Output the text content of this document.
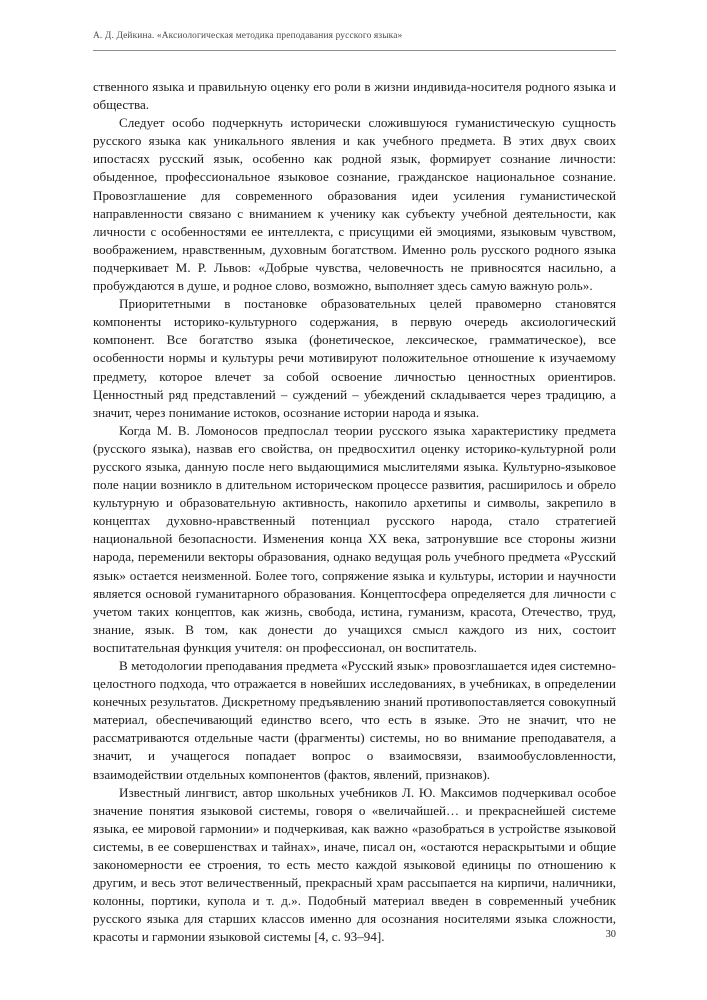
А. Д. Дейкина. «Аксиологическая методика преподавания русского языка»

ственного языка и правильную оценку его роли в жизни индивида-носителя родного языка и общества.

Следует особо подчеркнуть исторически сложившуюся гуманистическую сущность русского языка как уникального явления и как учебного предмета. В этих двух своих ипостасях русский язык, особенно как родной язык, формирует сознание личности: обыденное, профессиональное языковое сознание, гражданское национальное сознание. Провозглашение для современного образования идеи усиления гуманистической направленности связано с вниманием к ученику как субъекту учебной деятельности, как личности с особенностями ее интеллекта, с присущими ей эмоциями, языковым чувством, воображением, нравственным, духовным богатством. Именно роль русского родного языка подчеркивает М. Р. Львов: «Добрые чувства, человечность не привносятся насильно, а пробуждаются в душе, и родное слово, возможно, выполняет здесь самую важную роль».

Приоритетными в постановке образовательных целей правомерно становятся компоненты историко-культурного содержания, в первую очередь аксиологический компонент. Все богатство языка (фонетическое, лексическое, грамматическое), все особенности нормы и культуры речи мотивируют положительное отношение к изучаемому предмету, которое влечет за собой освоение личностью ценностных ориентиров. Ценностный ряд представлений – суждений – убеждений складывается через традицию, а значит, через понимание истоков, осознание истории народа и языка.

Когда М. В. Ломоносов предпослал теории русского языка характеристику предмета (русского языка), назвав его свойства, он предвосхитил оценку историко-культурной роли русского языка, данную после него выдающимися мыслителями языка. Культурно-языковое поле нации возникло в длительном историческом процессе развития, расширилось и обрело культурную и образовательную активность, накопило архетипы и символы, закрепило в концептах духовно-нравственный потенциал русского народа, стало стратегией национальной безопасности. Изменения конца XX века, затронувшие все стороны жизни народа, переменили векторы образования, однако ведущая роль учебного предмета «Русский язык» остается неизменной. Более того, сопряжение языка и культуры, истории и научности является основой гуманитарного образования. Концептосфера определяется для личности с учетом таких концептов, как жизнь, свобода, истина, гуманизм, красота, Отечество, труд, знание, язык. В том, как донести до учащихся смысл каждого из них, состоит воспитательная функция учителя: он профессионал, он воспитатель.

В методологии преподавания предмета «Русский язык» провозглашается идея системно-целостного подхода, что отражается в новейших исследованиях, в учебниках, в определении конечных результатов. Дискретному предъявлению знаний противопоставляется совокупный материал, обеспечивающий единство всего, что есть в языке. Это не значит, что не рассматриваются отдельные части (фрагменты) системы, но во внимание преподавателя, а значит, и учащегося попадает вопрос о взаимосвязи, взаимообусловленности, взаимодействии отдельных компонентов (фактов, явлений, признаков).

Известный лингвист, автор школьных учебников Л. Ю. Максимов подчеркивал особое значение понятия языковой системы, говоря о «величайшей… и прекраснейшей системе языка, ее мировой гармонии» и подчеркивая, как важно «разобраться в устройстве языковой системы, в ее совершенствах и тайнах», иначе, писал он, «остаются нераскрытыми и общие закономерности ее строения, то есть место каждой языковой единицы по отношению к другим, и весь этот величественный, прекрасный храм рассыпается на кирпичи, наличники, колонны, портики, купола и т. д.». Подобный материал введен в современный учебник русского языка для старших классов именно для осознания носителями языка сложности, красоты и гармонии языковой системы [4, с. 93–94].	30
